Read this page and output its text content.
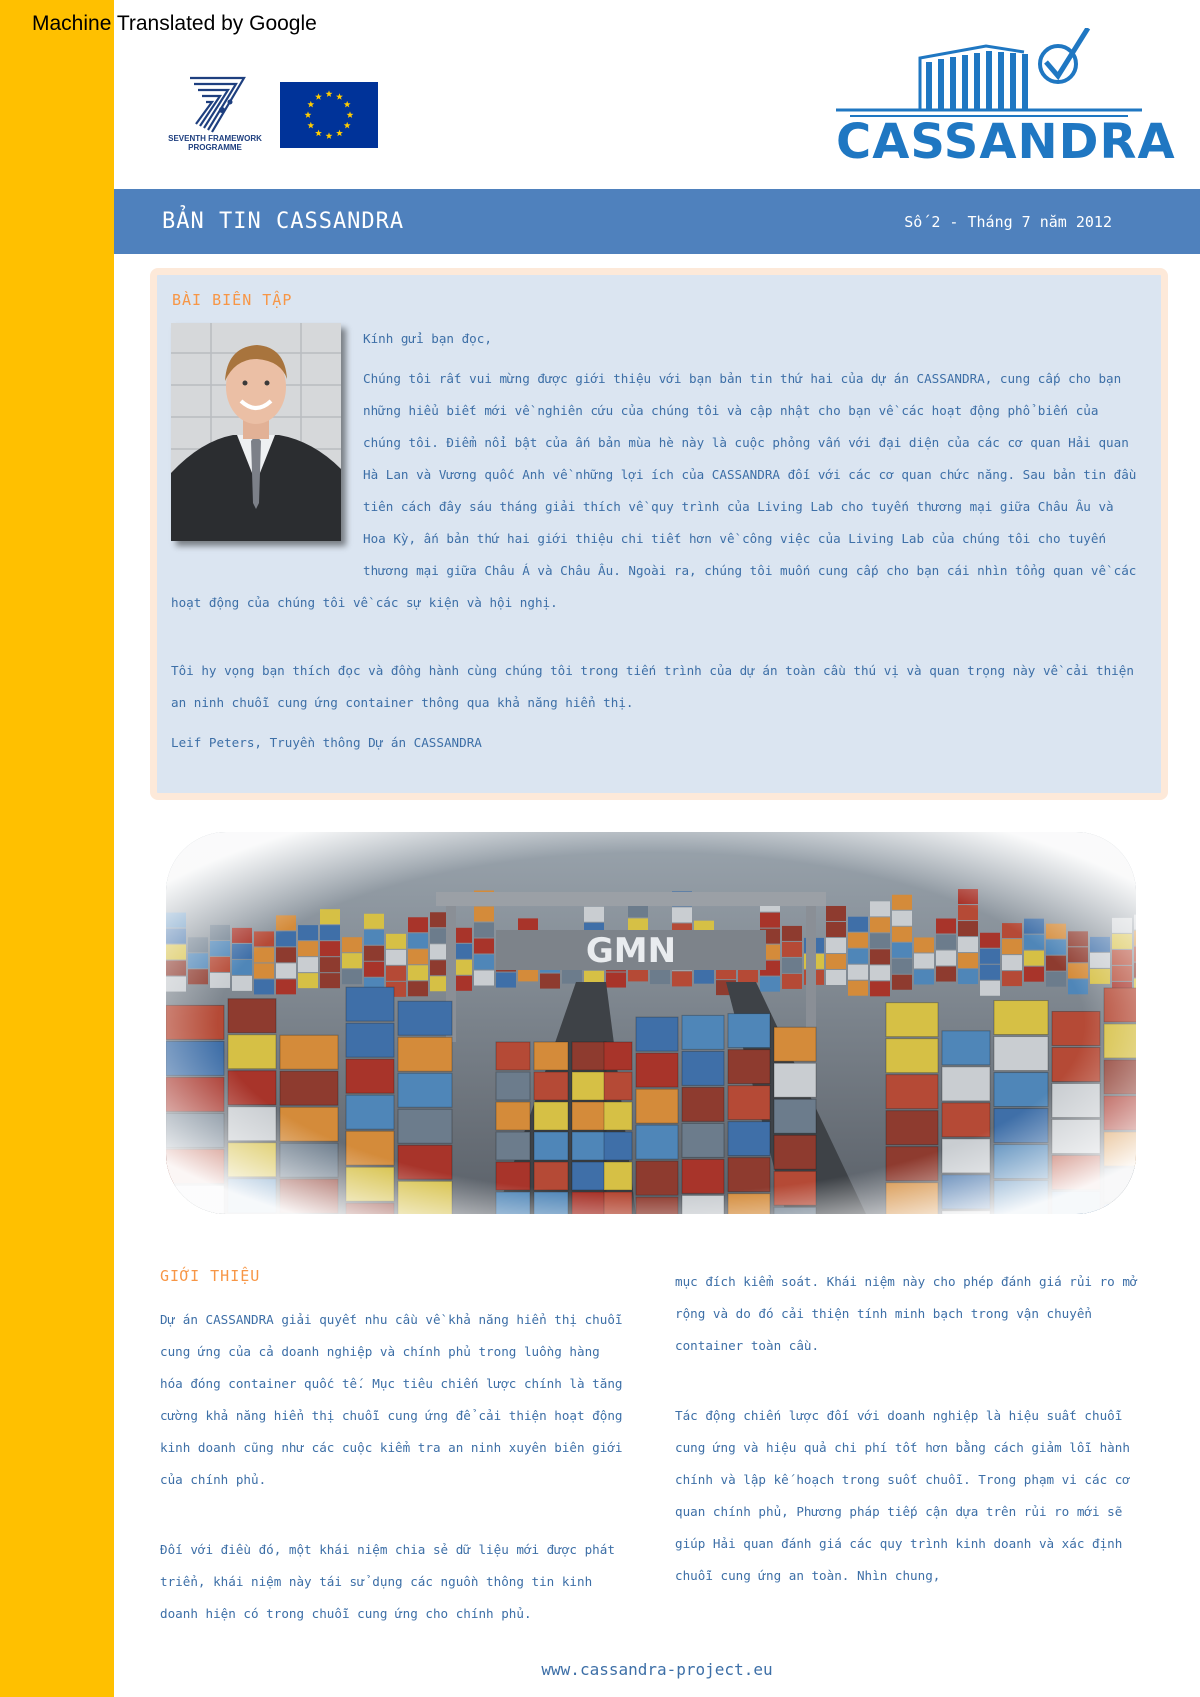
Machine Translated by Google
SEVENTH FRAMEWORK PROGRAMME	CASSANDRA
BẢN TIN CASSANDRA	Số 2 - Tháng 7 năm 2012
BÀI BIÊN TẬP

Kính gửi bạn đọc,

Chúng tôi rất vui mừng được giới thiệu với bạn bản tin thứ hai của dự án CASSANDRA, cung cấp cho bạn những hiểu biết mới về nghiên cứu của chúng tôi và cập nhật cho bạn về các hoạt động phổ biến của chúng tôi. Điểm nổi bật của ấn bản mùa hè này là cuộc phỏng vấn với đại diện của các cơ quan Hải quan Hà Lan và Vương quốc Anh về những lợi ích của CASSANDRA đối với các cơ quan chức năng. Sau bản tin đầu tiên cách đây sáu tháng giải thích về quy trình của Living Lab cho tuyến thương mại giữa Châu Âu và Hoa Kỳ, ấn bản thứ hai giới thiệu chi tiết hơn về công việc của Living Lab của chúng tôi cho tuyến thương mại giữa Châu Á và Châu Âu. Ngoài ra, chúng tôi muốn cung cấp cho bạn cái nhìn tổng quan về các hoạt động của chúng tôi về các sự kiện và hội nghị.

Tôi hy vọng bạn thích đọc và đồng hành cùng chúng tôi trong tiến trình của dự án toàn cầu thú vị và quan trọng này về cải thiện an ninh chuỗi cung ứng container thông qua khả năng hiển thị.

Leif Peters, Truyền thông Dự án CASSANDRA

GIỚI THIỆU

Dự án CASSANDRA giải quyết nhu cầu về khả năng hiển thị chuỗi cung ứng của cả doanh nghiệp và chính phủ trong luồng hàng hóa đóng container quốc tế. Mục tiêu chiến lược chính là tăng cường khả năng hiển thị chuỗi cung ứng để cải thiện hoạt động kinh doanh cũng như các cuộc kiểm tra an ninh xuyên biên giới của chính phủ.

Đối với điều đó, một khái niệm chia sẻ dữ liệu mới được phát triển, khái niệm này tái sử dụng các nguồn thông tin kinh doanh hiện có trong chuỗi cung ứng cho chính phủ.

mục đích kiểm soát. Khái niệm này cho phép đánh giá rủi ro mở rộng và do đó cải thiện tính minh bạch trong vận chuyển container toàn cầu.

Tác động chiến lược đối với doanh nghiệp là hiệu suất chuỗi cung ứng và hiệu quả chi phí tốt hơn bằng cách giảm lỗi hành chính và lập kế hoạch trong suốt chuỗi. Trong phạm vi các cơ quan chính phủ, Phương pháp tiếp cận dựa trên rủi ro mới sẽ giúp Hải quan đánh giá các quy trình kinh doanh và xác định chuỗi cung ứng an toàn. Nhìn chung,

www.cassandra-project.eu
